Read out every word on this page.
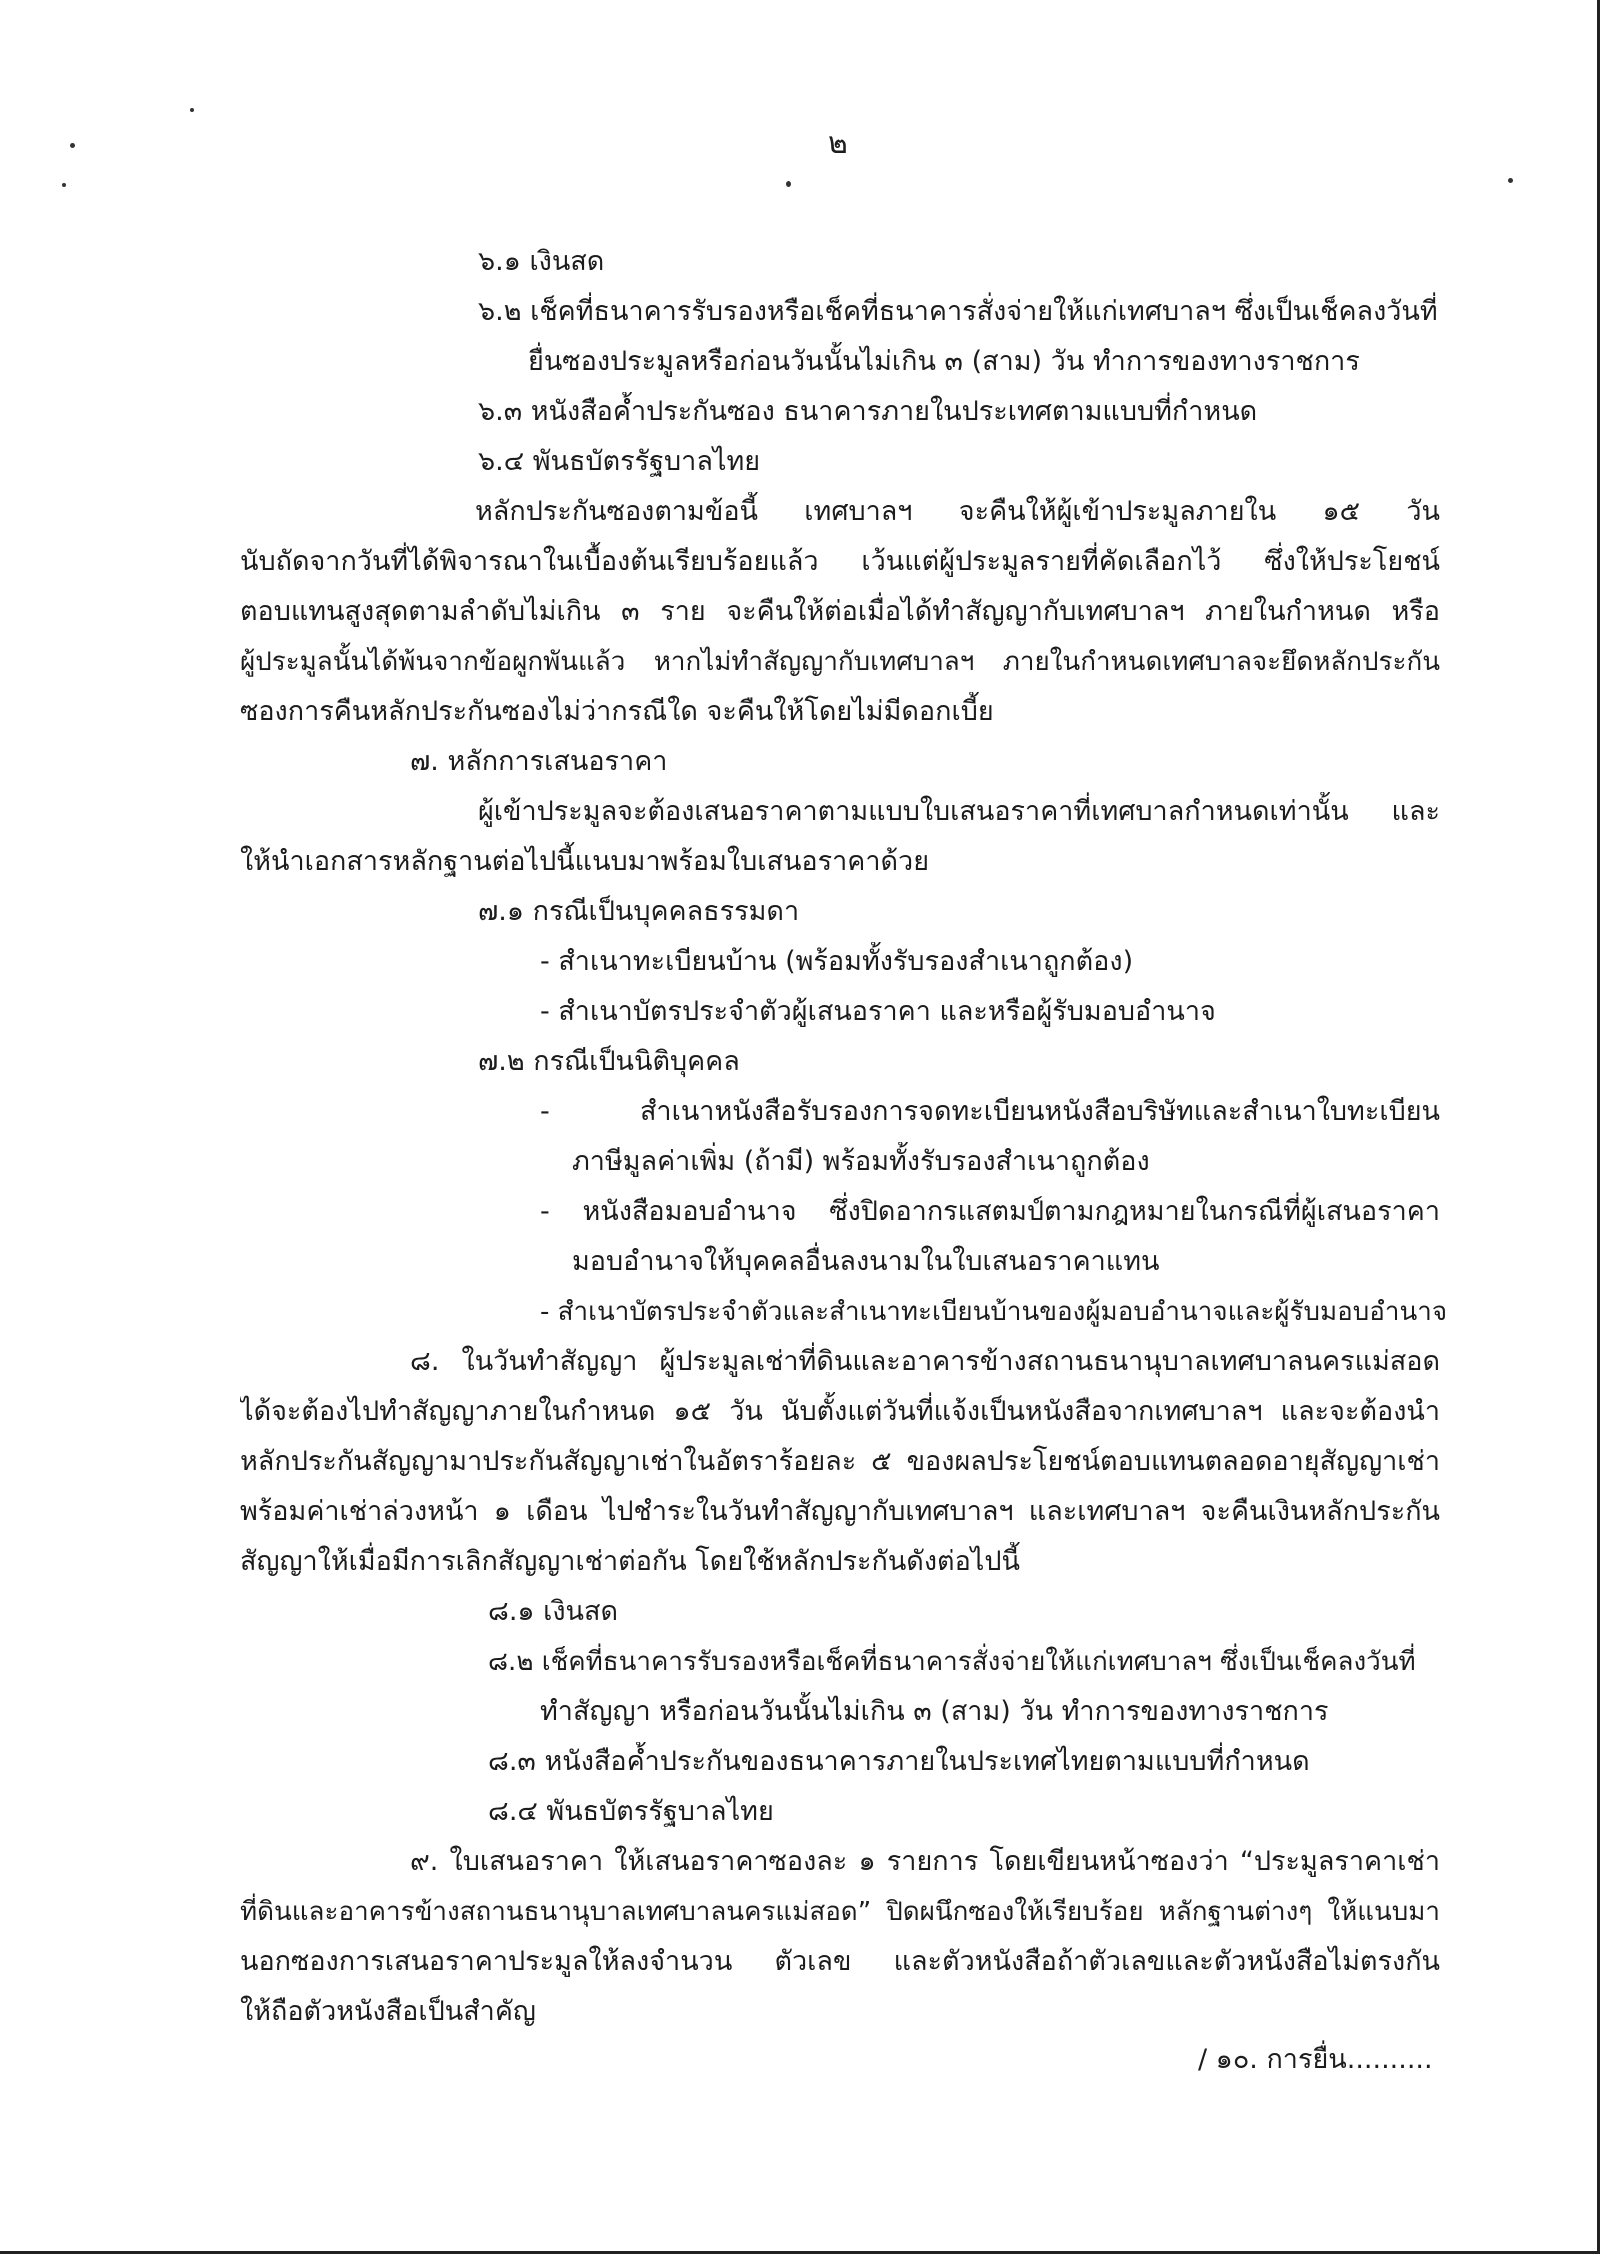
๒
๖.๑ เงินสด
๖.๒ เช็คที่ธนาคารรับรองหรือเช็คที่ธนาคารสั่งจ่ายให้แก่เทศบาลฯ ซึ่งเป็นเช็คลงวันที่
ยื่นซองประมูลหรือก่อนวันนั้นไม่เกิน ๓ (สาม) วัน ทำการของทางราชการ
๖.๓ หนังสือค้ำประกันซอง ธนาคารภายในประเทศตามแบบที่กำหนด
๖.๔ พันธบัตรรัฐบาลไทย
หลักประกันซองตามข้อนี้ เทศบาลฯ จะคืนให้ผู้เข้าประมูลภายใน ๑๕ วัน
นับถัดจากวันที่ได้พิจารณาในเบื้องต้นเรียบร้อยแล้ว เว้นแต่ผู้ประมูลรายที่คัดเลือกไว้ ซึ่งให้ประโยชน์
ตอบแทนสูงสุดตามลำดับไม่เกิน ๓ ราย จะคืนให้ต่อเมื่อได้ทำสัญญากับเทศบาลฯ ภายในกำหนด หรือ
ผู้ประมูลนั้นได้พ้นจากข้อผูกพันแล้ว หากไม่ทำสัญญากับเทศบาลฯ ภายในกำหนดเทศบาลจะยึดหลักประกัน
ซองการคืนหลักประกันซองไม่ว่ากรณีใด จะคืนให้โดยไม่มีดอกเบี้ย
๗. หลักการเสนอราคา
ผู้เข้าประมูลจะต้องเสนอราคาตามแบบใบเสนอราคาที่เทศบาลกำหนดเท่านั้น และ
ให้นำเอกสารหลักฐานต่อไปนี้แนบมาพร้อมใบเสนอราคาด้วย
๗.๑ กรณีเป็นบุคคลธรรมดา
- สำเนาทะเบียนบ้าน (พร้อมทั้งรับรองสำเนาถูกต้อง)
- สำเนาบัตรประจำตัวผู้เสนอราคา และหรือผู้รับมอบอำนาจ
๗.๒ กรณีเป็นนิติบุคคล
- สำเนาหนังสือรับรองการจดทะเบียนหนังสือบริษัทและสำเนาใบทะเบียน
ภาษีมูลค่าเพิ่ม (ถ้ามี) พร้อมทั้งรับรองสำเนาถูกต้อง
- หนังสือมอบอำนาจ ซึ่งปิดอากรแสตมป์ตามกฎหมายในกรณีที่ผู้เสนอราคา
มอบอำนาจให้บุคคลอื่นลงนามในใบเสนอราคาแทน
- สำเนาบัตรประจำตัวและสำเนาทะเบียนบ้านของผู้มอบอำนาจและผู้รับมอบอำนาจ
๘. ในวันทำสัญญา ผู้ประมูลเช่าที่ดินและอาคารข้างสถานธนานุบาลเทศบาลนครแม่สอด
ได้จะต้องไปทำสัญญาภายในกำหนด ๑๕ วัน นับตั้งแต่วันที่แจ้งเป็นหนังสือจากเทศบาลฯ และจะต้องนำ
หลักประกันสัญญามาประกันสัญญาเช่าในอัตราร้อยละ ๕ ของผลประโยชน์ตอบแทนตลอดอายุสัญญาเช่า
พร้อมค่าเช่าล่วงหน้า ๑ เดือน ไปชำระในวันทำสัญญากับเทศบาลฯ และเทศบาลฯ จะคืนเงินหลักประกัน
สัญญาให้เมื่อมีการเลิกสัญญาเช่าต่อกัน โดยใช้หลักประกันดังต่อไปนี้
๘.๑ เงินสด
๘.๒ เช็คที่ธนาคารรับรองหรือเช็คที่ธนาคารสั่งจ่ายให้แก่เทศบาลฯ ซึ่งเป็นเช็คลงวันที่
ทำสัญญา หรือก่อนวันนั้นไม่เกิน ๓ (สาม) วัน ทำการของทางราชการ
๘.๓ หนังสือค้ำประกันของธนาคารภายในประเทศไทยตามแบบที่กำหนด
๘.๔ พันธบัตรรัฐบาลไทย
๙. ใบเสนอราคา ให้เสนอราคาซองละ ๑ รายการ โดยเขียนหน้าซองว่า “ประมูลราคาเช่า
ที่ดินและอาคารข้างสถานธนานุบาลเทศบาลนครแม่สอด” ปิดผนึกซองให้เรียบร้อย หลักฐานต่างๆ ให้แนบมา
นอกซองการเสนอราคาประมูลให้ลงจำนวน ตัวเลข และตัวหนังสือถ้าตัวเลขและตัวหนังสือไม่ตรงกัน
ให้ถือตัวหนังสือเป็นสำคัญ
/ ๑๐. การยื่น..........
